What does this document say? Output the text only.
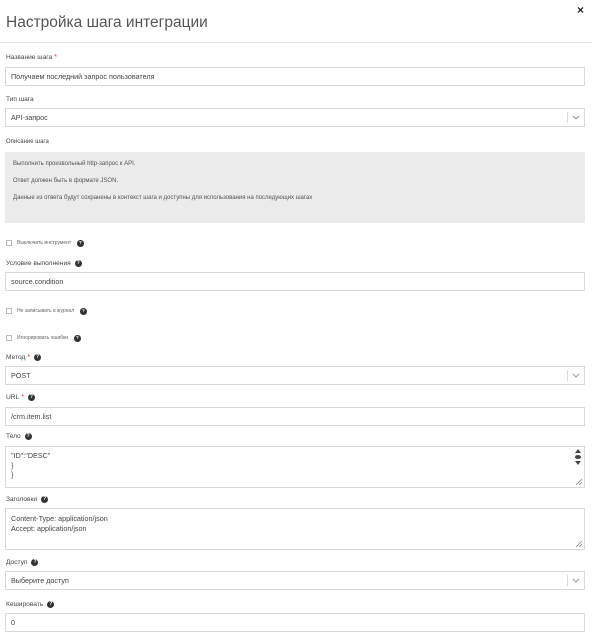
Настройка шага интеграции
×
Название шага *
Получаем последний запрос пользователя
Тип шага
API-запрос
Описание шага

Выполнить произвольный http-запрос к API.

Ответ должен быть в формате JSON.

Данные из ответа будут сохранены в контекст шага и доступны для использования на последующих шагах

Выключить инструмент	?
Условие выполнения	?
source.condition
Не записывать в журнал	?
Игнорировать ошибки	?
Метод *	?
POST
URL *	?
/crm.item.list
Тело	?
"ID":"DESC"
}
}
Заголовки	?
Content-Type: application/json
Accept: application/json
Доступ	?
Выберите доступ
Кешировать	?
0
